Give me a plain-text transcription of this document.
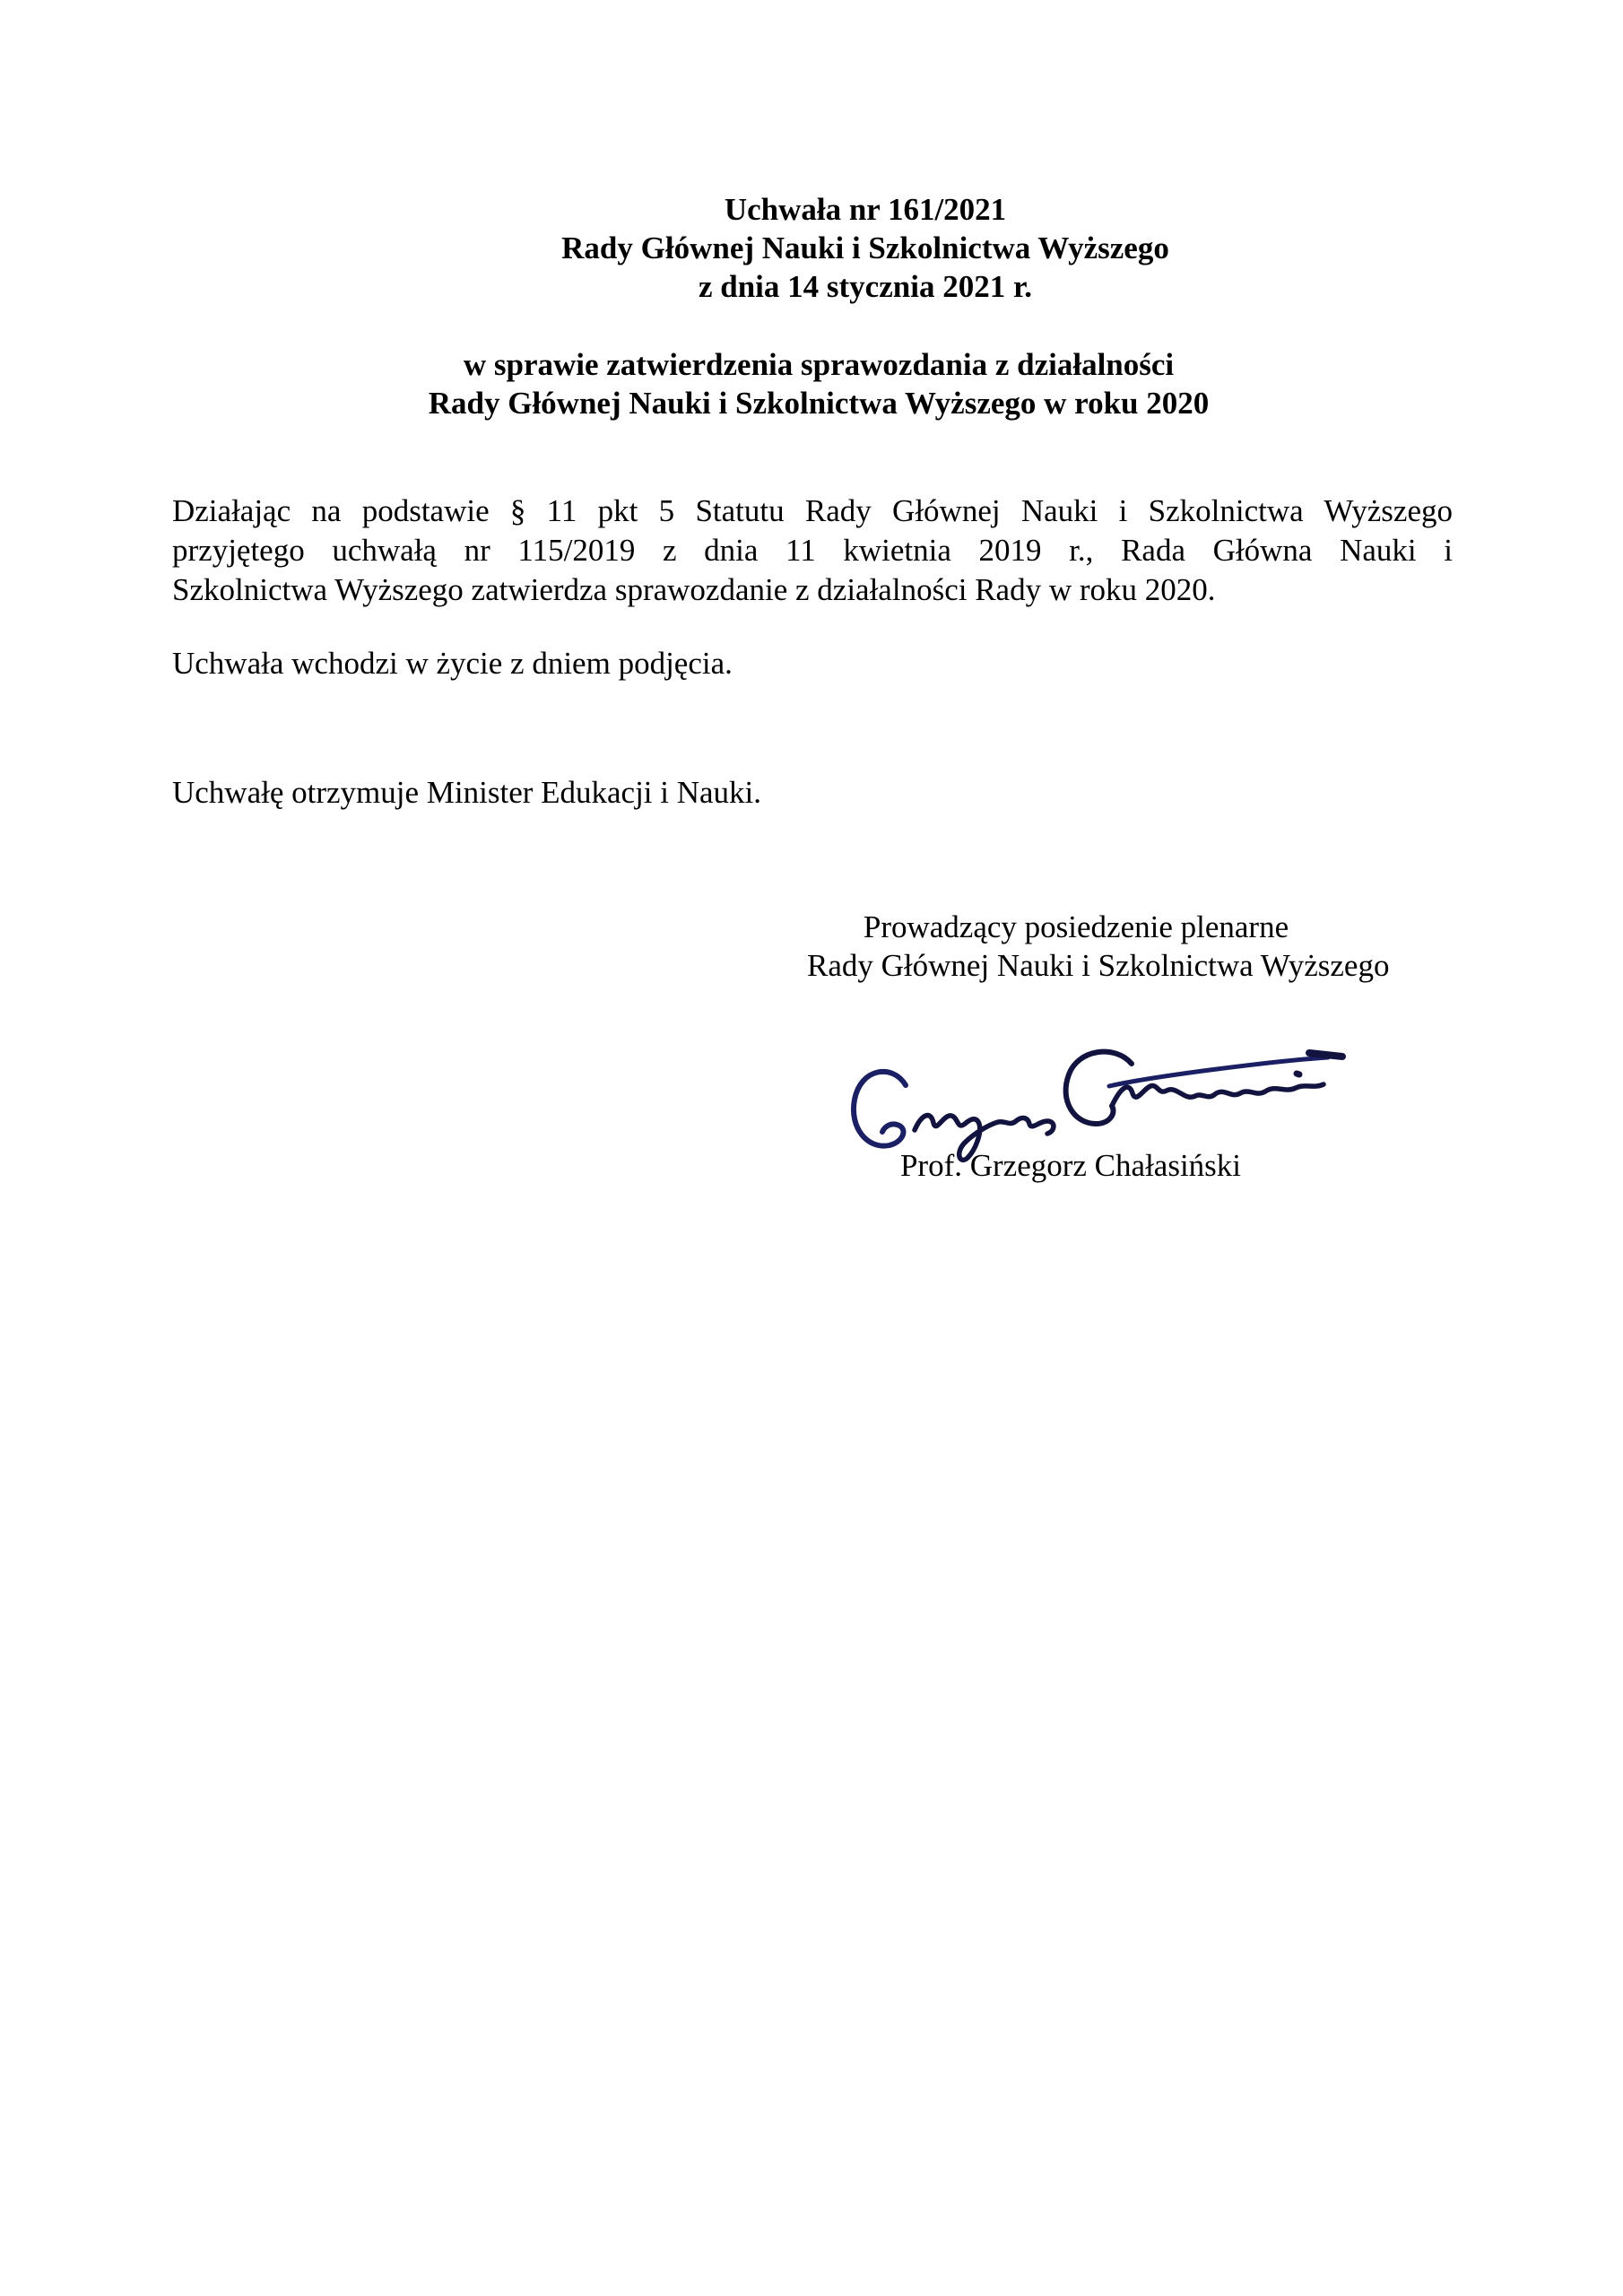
Uchwała nr 161/2021
Rady Głównej Nauki i Szkolnictwa Wyższego
z dnia 14 stycznia 2021 r.
w sprawie zatwierdzenia sprawozdania z działalności
Rady Głównej Nauki i Szkolnictwa Wyższego w roku 2020
Działając na podstawie § 11 pkt 5 Statutu Rady Głównej Nauki i Szkolnictwa Wyższego
przyjętego uchwałą nr 115/2019 z dnia 11 kwietnia 2019 r., Rada Główna Nauki i
Szkolnictwa Wyższego zatwierdza sprawozdanie z działalności Rady w roku 2020.
Uchwała wchodzi w życie z dniem podjęcia.
Uchwałę otrzymuje Minister Edukacji i Nauki.
Prowadzący posiedzenie plenarne
Rady Głównej Nauki i Szkolnictwa Wyższego
Prof. Grzegorz Chałasiński
